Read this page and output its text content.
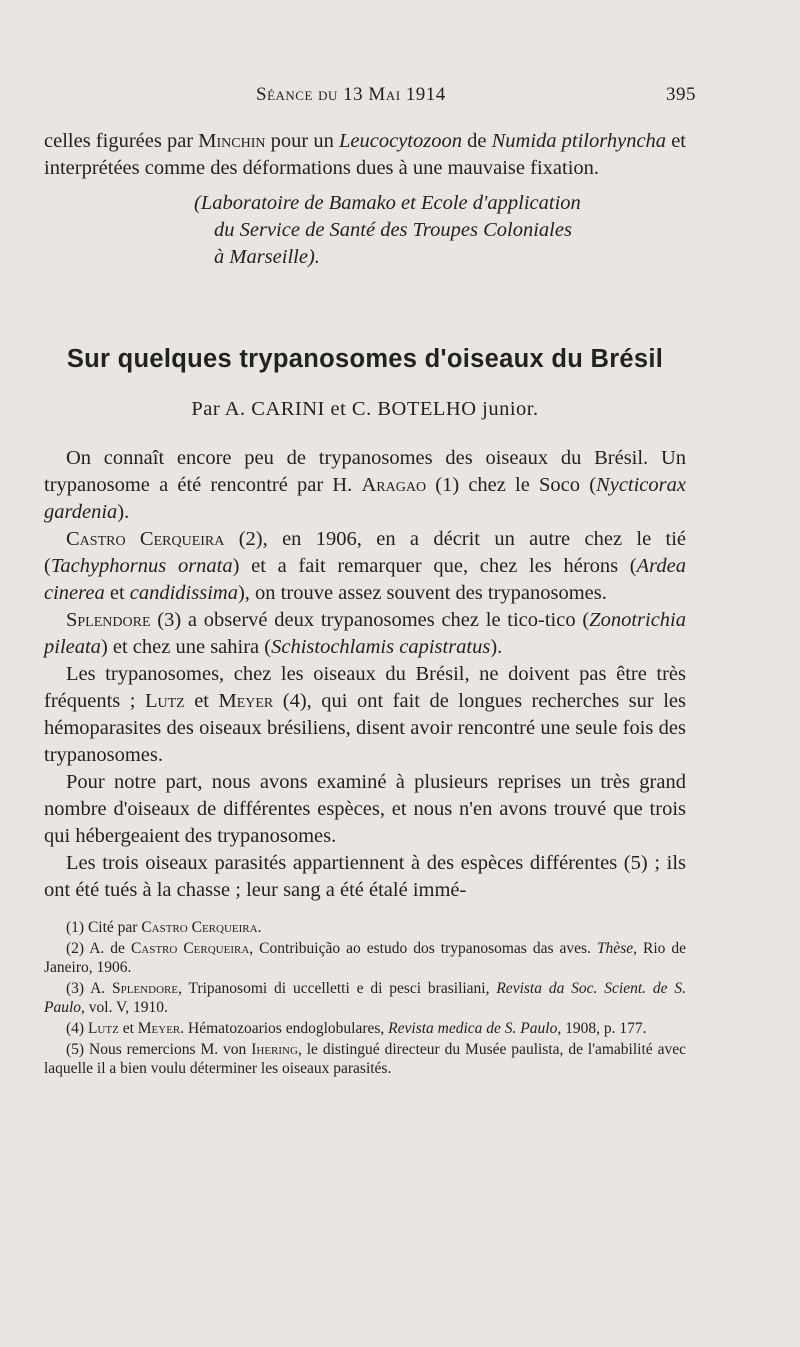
Séance du 13 Mai 1914	395

celles figurées par Minchin pour un Leucocytozoon de Numida ptilorhyncha et interprétées comme des déformations dues à une mauvaise fixation.

(Laboratoire de Bamako et Ecole d'application
du Service de Santé des Troupes Coloniales
à Marseille).
Sur quelques trypanosomes d'oiseaux du Brésil
Par A. CARINI et C. BOTELHO junior.

On connaît encore peu de trypanosomes des oiseaux du Brésil. Un trypanosome a été rencontré par H. Aragao (1) chez le Soco (Nycticorax gardenia).

Castro Cerqueira (2), en 1906, en a décrit un autre chez le tié (Tachyphornus ornata) et a fait remarquer que, chez les hérons (Ardea cinerea et candidissima), on trouve assez souvent des trypanosomes.

Splendore (3) a observé deux trypanosomes chez le tico-tico (Zonotrichia pileata) et chez une sahira (Schistochlamis capistratus).

Les trypanosomes, chez les oiseaux du Brésil, ne doivent pas être très fréquents ; Lutz et Meyer (4), qui ont fait de longues recherches sur les hémoparasites des oiseaux brésiliens, disent avoir rencontré une seule fois des trypanosomes.

Pour notre part, nous avons examiné à plusieurs reprises un très grand nombre d'oiseaux de différentes espèces, et nous n'en avons trouvé que trois qui hébergeaient des trypanosomes.

Les trois oiseaux parasités appartiennent à des espèces différentes (5) ; ils ont été tués à la chasse ; leur sang a été étalé immé-

(1) Cité par Castro Cerqueira.

(2) A. de Castro Cerqueira, Contribuição ao estudo dos trypanosomas das aves. Thèse, Rio de Janeiro, 1906.

(3) A. Splendore, Tripanosomi di uccelletti e di pesci brasiliani, Revista da Soc. Scient. de S. Paulo, vol. V, 1910.

(4) Lutz et Meyer. Hématozoarios endoglobulares, Revista medica de S. Paulo, 1908, p. 177.

(5) Nous remercions M. von Ihering, le distingué directeur du Musée paulista, de l'amabilité avec laquelle il a bien voulu déterminer les oiseaux parasités.
